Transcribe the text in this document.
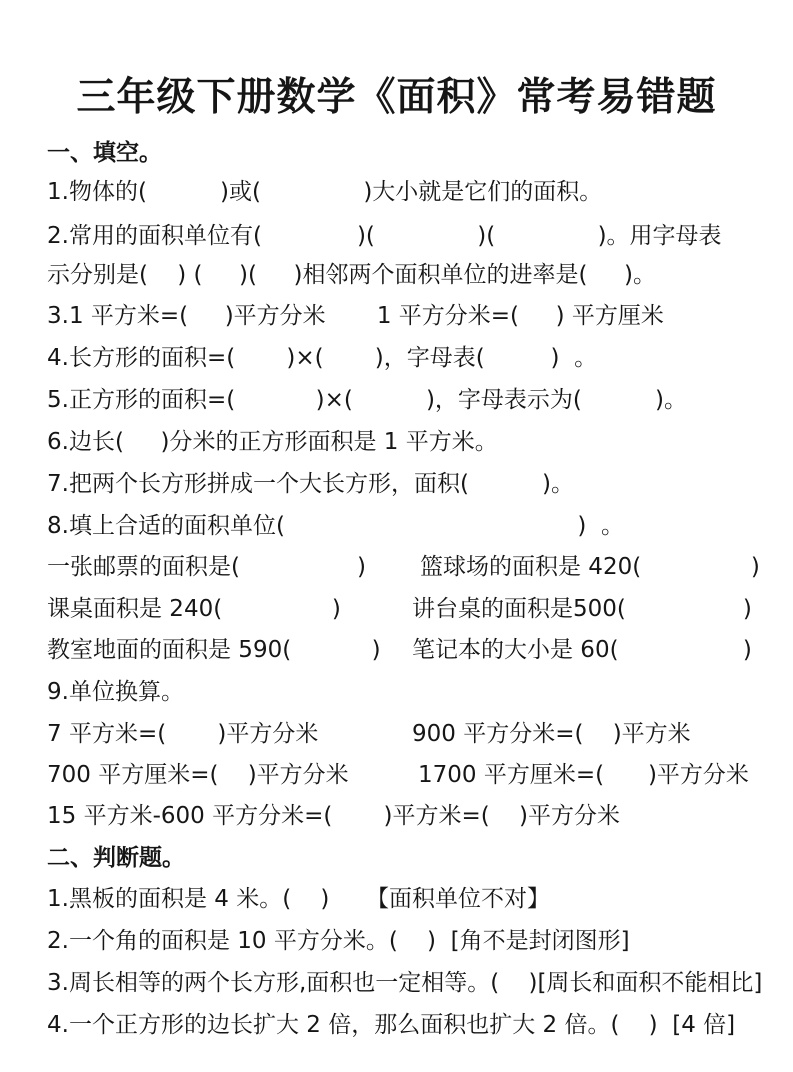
三年级下册数学《面积》常考易错题
一、填空。
1.物体的(          )或(              )大小就是它们的面积。
2.常用的面积单位有(             )(              )(              )。用字母表
示分别是(    ) (     )(     )相邻两个面积单位的进率是(     )。
3.1 平方米=(     )平方分米       1 平方分米=(     ) 平方厘米
4.长方形的面积=(       )×(       )，字母表(         )  。
5.正方形的面积=(           )×(          )，字母表示为(          )。
6.边长(     )分米的正方形面积是 1 平方米。
7.把两个长方形拼成一个大长方形，面积(          )。
8.填上合适的面积单位(                                        )  。
一张邮票的面积是(                ) 篮球场的面积是 420(               )
课桌面积是 240(               )	讲台桌的面积是500(                )
教室地面的面积是 590(           ) 笔记本的大小是 60(                 )
9.单位换算。
7 平方米=(       )平方分米	900 平方分米=(    )平方米
700 平方厘米=(    )平方分米	1700 平方厘米=(      )平方分米
15 平方米-600 平方分米=(       )平方米=(    )平方分米
二、判断题。
1.黑板的面积是 4 米。(    )     【面积单位不对】
2.一个角的面积是 10 平方分米。(    )  [角不是封闭图形]
3.周长相等的两个长方形,面积也一定相等。(    )[周长和面积不能相比]
4.一个正方形的边长扩大 2 倍，那么面积也扩大 2 倍。(    )  [4 倍]
